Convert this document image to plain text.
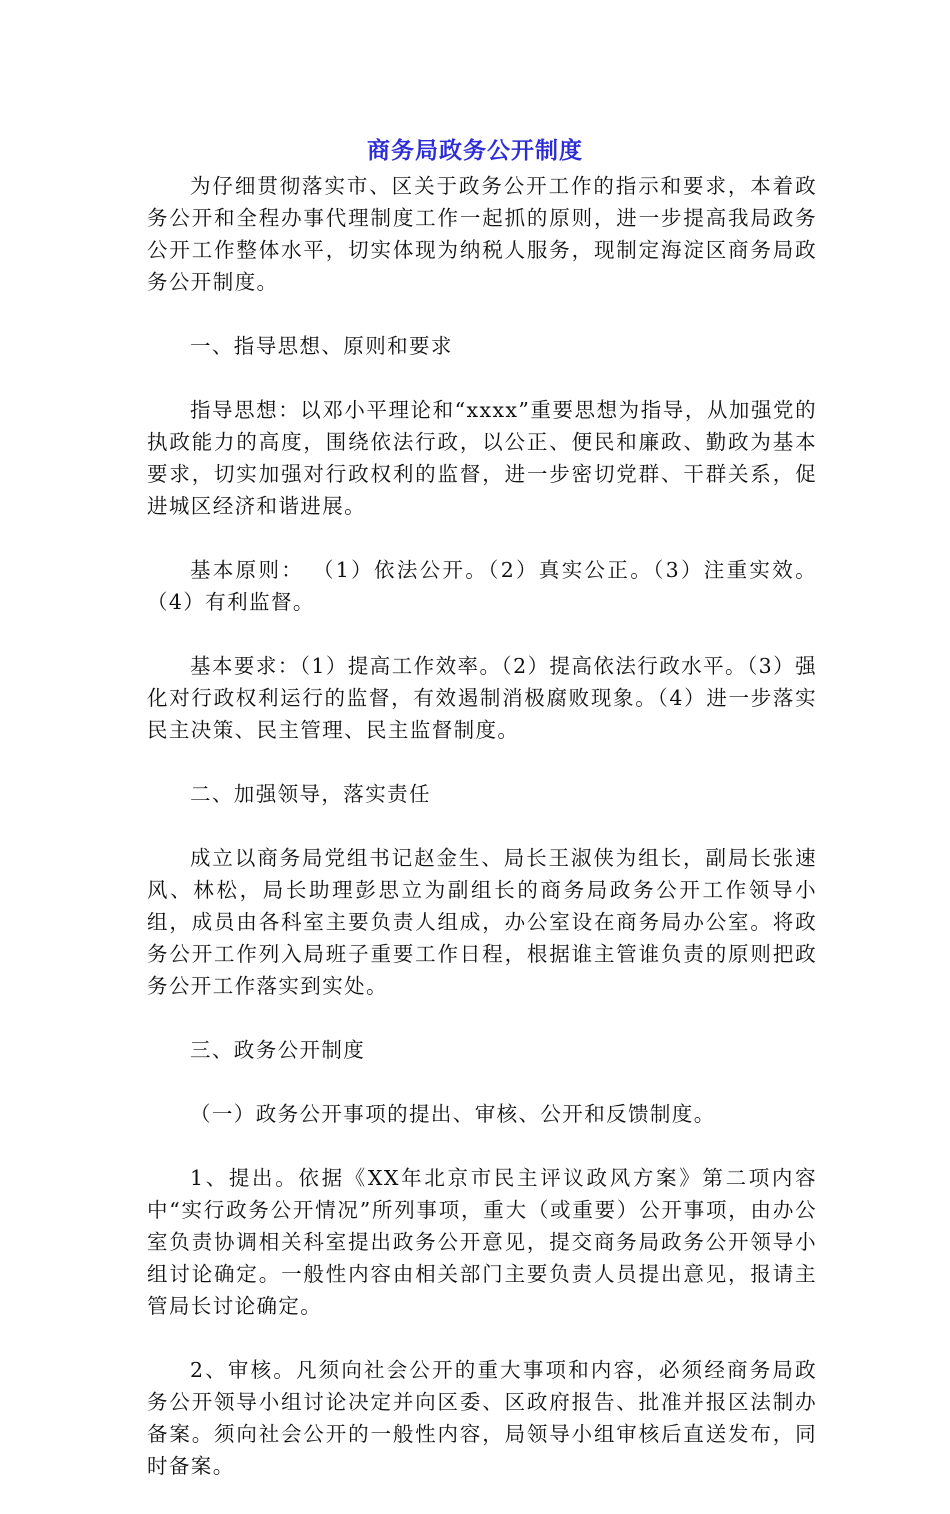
商务局政务公开制度

为仔细贯彻落实市、区关于政务公开工作的指示和要求，本着政务公开和全程办事代理制度工作一起抓的原则，进一步提高我局政务公开工作整体水平，切实体现为纳税人服务，现制定海淀区商务局政务公开制度。

一、指导思想、原则和要求

指导思想：以邓小平理论和“xxxx”重要思想为指导，从加强党的执政能力的高度，围绕依法行政，以公正、便民和廉政、勤政为基本要求，切实加强对行政权利的监督，进一步密切党群、干群关系，促进城区经济和谐进展。

基本原则： （1）依法公开。（2）真实公正。（3）注重实效。（4）有利监督。

基本要求：（1）提高工作效率。（2）提高依法行政水平。（3）强化对行政权利运行的监督，有效遏制消极腐败现象。（4）进一步落实民主决策、民主管理、民主监督制度。

二、加强领导，落实责任

成立以商务局党组书记赵金生、局长王淑侠为组长，副局长张速风、林松，局长助理彭思立为副组长的商务局政务公开工作领导小组，成员由各科室主要负责人组成，办公室设在商务局办公室。将政务公开工作列入局班子重要工作日程，根据谁主管谁负责的原则把政务公开工作落实到实处。

三、政务公开制度

（一）政务公开事项的提出、审核、公开和反馈制度。

1、提出。依据《XX年北京市民主评议政风方案》第二项内容中“实行政务公开情况”所列事项，重大（或重要）公开事项，由办公室负责协调相关科室提出政务公开意见，提交商务局政务公开领导小组讨论确定。一般性内容由相关部门主要负责人员提出意见，报请主管局长讨论确定。

2、审核。凡须向社会公开的重大事项和内容，必须经商务局政务公开领导小组讨论决定并向区委、区政府报告、批准并报区法制办备案。须向社会公开的一般性内容，局领导小组审核后直送发布，同时备案。
